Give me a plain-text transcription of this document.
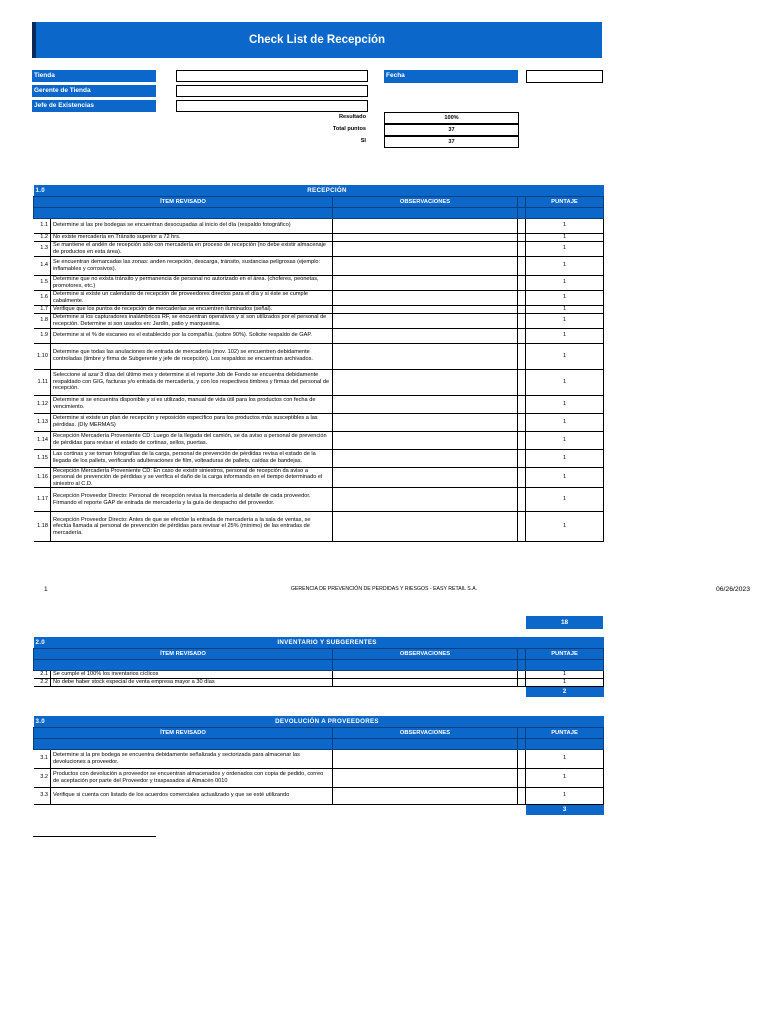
Check List de Recepción
Tienda
Gerente de Tienda
Jefe de Existencias
Fecha
Resultado	100%
Total puntos	37
SI	37
1.0	RECEPCIÓN			
ÍTEM REVISADO		OBSERVACIONES		PUNTAJE

1.1	Determine si las pre bodegas se encuentran desocupadas al inicio del día (respaldo fotográfico)			1
1.2	No existe mercadería en Tránsito superior a 72 hrs.			1
1.3	Se mantiene el andén de recepción sólo con mercadería en proceso de recepción (no debe existir almacenaje de productos en esta área).			1
1.4	Se encuentran demarcadas las zonas: anden recepción, descarga, tránsito, sustancias peligrosas (ejemplo: inflamables y corrosivos).			1
1.5	Determine que no exista tránsito y permanencia de personal no autorizado en el área. (choferes, peonetas, promotores, etc.)			1
1.6	Determine si existe un calendario de recepción de proveedores directos para el día y si éste se cumple cabalmente.			1
1.7	Verifique que los puntos de recepción de mercaderías se encuentren iluminados (señal).			1
1.8	Determine si los capturadores inalámbricos RF, se encuentran operativos y si son utilizados por el personal de recepción. Determine si son usados en: Jardín, patio y marquesina.			1
1.9	Determine si el % de escaneo es el establecido por la compañía. (sobre 90%). Solicite respaldo de GAP.			1
1.10	Determine que todas las anulaciones de entrada de mercadería (mov. 102) se encuentren debidamente controladas (timbre y firma de Subgerente y jefe de recepción). Los respaldos se encuentran archivados.			1
1.11	Seleccione al azar 3 días del último mes y determine si el reporte Job de Fondo se encuentra debidamente respaldado con GIG, facturas y/o entrada de mercadería, y con los respectivos timbres y firmas del personal de recepción.			1
1.12	Determine si se encuentra disponible y si es utilizado, manual de vida útil para los productos con fecha de vencimiento.			1
1.13	Determine si existe un plan de recepción y reposición específico para los productos más susceptibles a las pérdidas. (DIy MERMAS)			1
1.14	Recepción Mercadería Proveniente CD: Luego de la llegada del camión, se da aviso a personal de prevención de pérdidas para revisar el estado de cortinas, sellos, puertas.			1
1.15	Las cortinas y se toman fotografías de la carga, personal de prevención de pérdidas revisa el estado de la llegada de los pallets, verificando adulteraciones de film, volteaduras de pallets, caídas de bandejas.			1
1.16	Recepción Mercadería Proveniente CD: En caso de existir siniestros, personal de recepción da aviso a personal de prevención de pérdidas y se verifica el daño de la carga informando en el tiempo determinado el siniestro al C.D.			1
1.17	Recepción Proveedor Directo: Personal de recepción revisa la mercadería al detalle de cada proveedor. Firmando el reporte GAP de entrada de mercadería y la guía de despacho del proveedor.			1
1.18	Recepción Proveedor Directo: Antes de que se efectúe la entrada de mercadería a la sala de ventas, se efectúa llamada al personal de prevención de pérdidas para revisar el 25% (mínimo) de las entradas de mercadería.			1
2.0	INVENTARIO Y SUBGERENTES			
ÍTEM REVISADO		OBSERVACIONES		PUNTAJE

2.1	Se cumple el 100% los inventarios cíclicos			1
2.2	No debe haber stock especial de venta empresa mayor a 30 días			1
				2
3.0	DEVOLUCIÓN A PROVEEDORES			
ÍTEM REVISADO		OBSERVACIONES		PUNTAJE

3.1	Determine si la pre bodega se encuentra debidamente señalizada y sectorizada para almacenar las devoluciones a proveedor.			1
3.2	Productos con devolución a proveedor se encuentran almacenados y ordenados con copia de pedido, correo de aceptación por parte del Proveedor y traspasados al Almacén 0010			1
3.3	Verifique si cuenta con listado de los acuerdos comerciales actualizado y que se esté utilizando			1
				3
18
1	GERENCIA DE PREVENCIÓN DE PERDIDAS Y RIESGOS - EASY RETAIL S.A.	06/26/2023
